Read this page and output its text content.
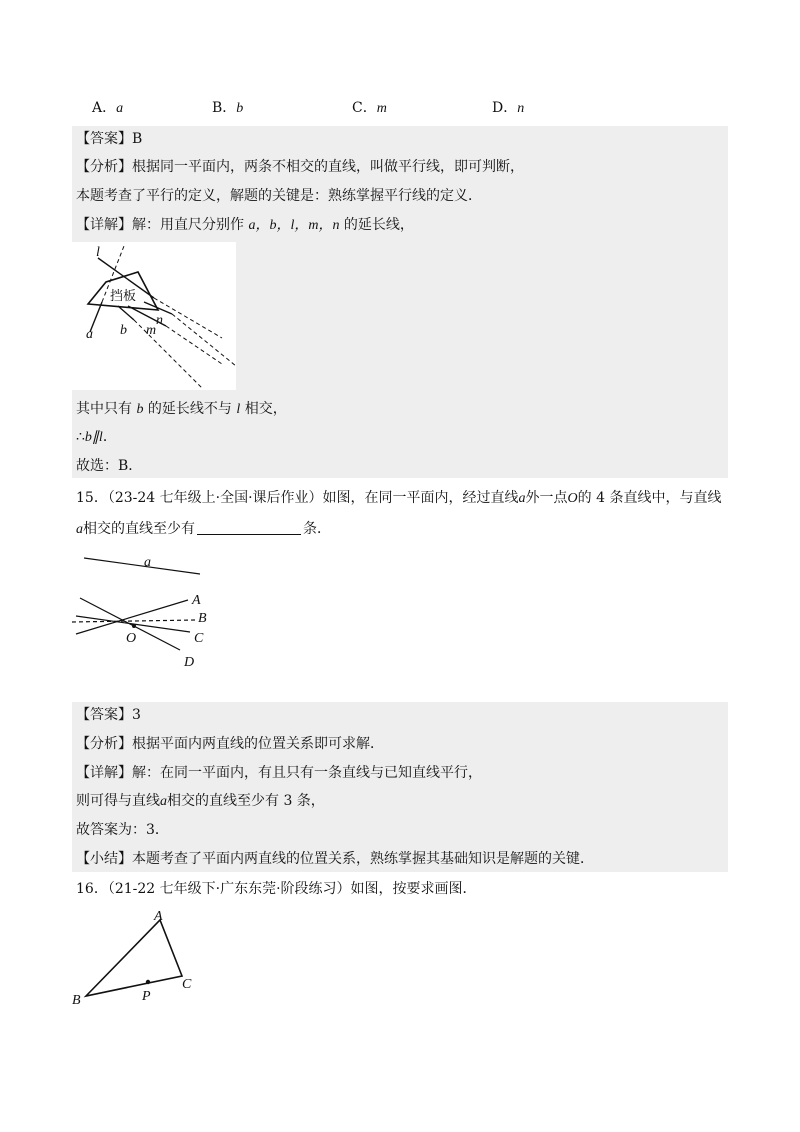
A．a	B．b	C．m	D．n
【答案】B
【分析】根据同一平面内，两条不相交的直线，叫做平行线，即可判断，
本题考查了平行的定义，解题的关键是：熟练掌握平行线的定义．
【详解】解：用直尺分别作 a，b，l，m，n 的延长线，
挡板
l
a b m
n
其中只有 b 的延长线不与 l 相交，
∴b∥l．
故选：B．
15．（23-24 七年级上·全国·课后作业）如图，在同一平面内，经过直线a外一点O的 4 条直线中，与直线
a相交的直线至少有	条．
a
A
B
C
O
D
【答案】3
【分析】根据平面内两直线的位置关系即可求解．
【详解】解：在同一平面内，有且只有一条直线与已知直线平行，
则可得与直线a相交的直线至少有 3 条，
故答案为：3．
【小结】本题考查了平面内两直线的位置关系，熟练掌握其基础知识是解题的关键．
16．（21-22 七年级下·广东东莞·阶段练习）如图，按要求画图．
A
B
C
P
